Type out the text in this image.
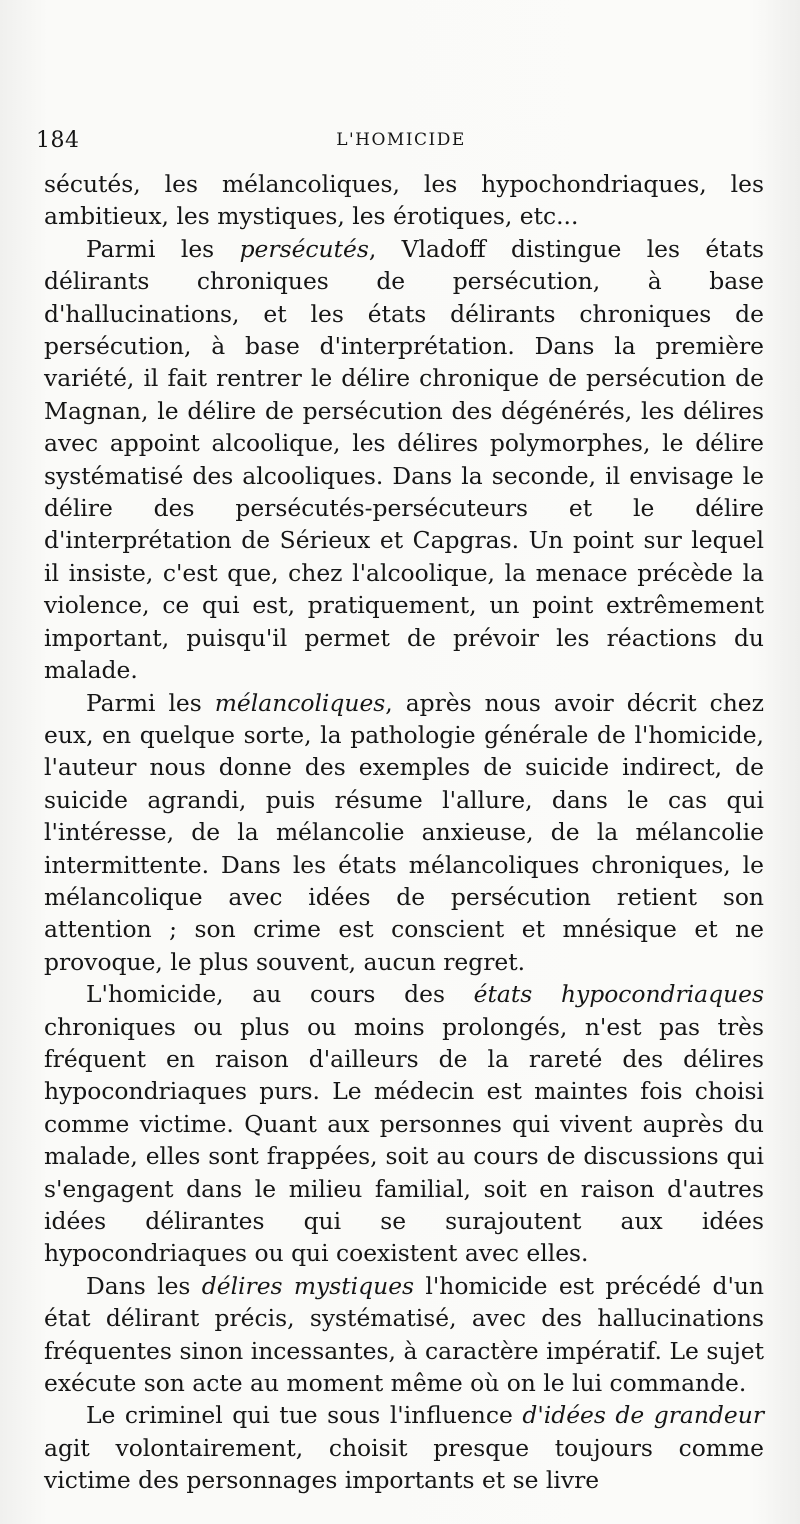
184	L'HOMICIDE

sécutés, les mélancoliques, les hypochondriaques, les ambitieux, les mystiques, les érotiques, etc...

Parmi les persécutés, Vladoff distingue les états délirants chroniques de persécution, à base d'hallucinations, et les états délirants chroniques de persécution, à base d'interprétation. Dans la première variété, il fait rentrer le délire chronique de persécution de Magnan, le délire de persécution des dégénérés, les délires avec appoint alcoolique, les délires polymorphes, le délire systématisé des alcooliques. Dans la seconde, il envisage le délire des persécutés-persécuteurs et le délire d'interprétation de Sérieux et Capgras. Un point sur lequel il insiste, c'est que, chez l'alcoolique, la menace précède la violence, ce qui est, pratiquement, un point extrêmement important, puisqu'il permet de prévoir les réactions du malade.

Parmi les mélancoliques, après nous avoir décrit chez eux, en quelque sorte, la pathologie générale de l'homicide, l'auteur nous donne des exemples de suicide indirect, de suicide agrandi, puis résume l'allure, dans le cas qui l'intéresse, de la mélancolie anxieuse, de la mélancolie intermittente. Dans les états mélancoliques chroniques, le mélancolique avec idées de persécution retient son attention ; son crime est conscient et mnésique et ne provoque, le plus souvent, aucun regret.

L'homicide, au cours des états hypocondriaques chroniques ou plus ou moins prolongés, n'est pas très fréquent en raison d'ailleurs de la rareté des délires hypocondriaques purs. Le médecin est maintes fois choisi comme victime. Quant aux personnes qui vivent auprès du malade, elles sont frappées, soit au cours de discussions qui s'engagent dans le milieu familial, soit en raison d'autres idées délirantes qui se surajoutent aux idées hypocondriaques ou qui coexistent avec elles.

Dans les délires mystiques l'homicide est précédé d'un état délirant précis, systématisé, avec des hallucinations fréquentes sinon incessantes, à caractère impératif. Le sujet exécute son acte au moment même où on le lui commande.

Le criminel qui tue sous l'influence d'idées de grandeur agit volontairement, choisit presque toujours comme victime des personnages importants et se livre
